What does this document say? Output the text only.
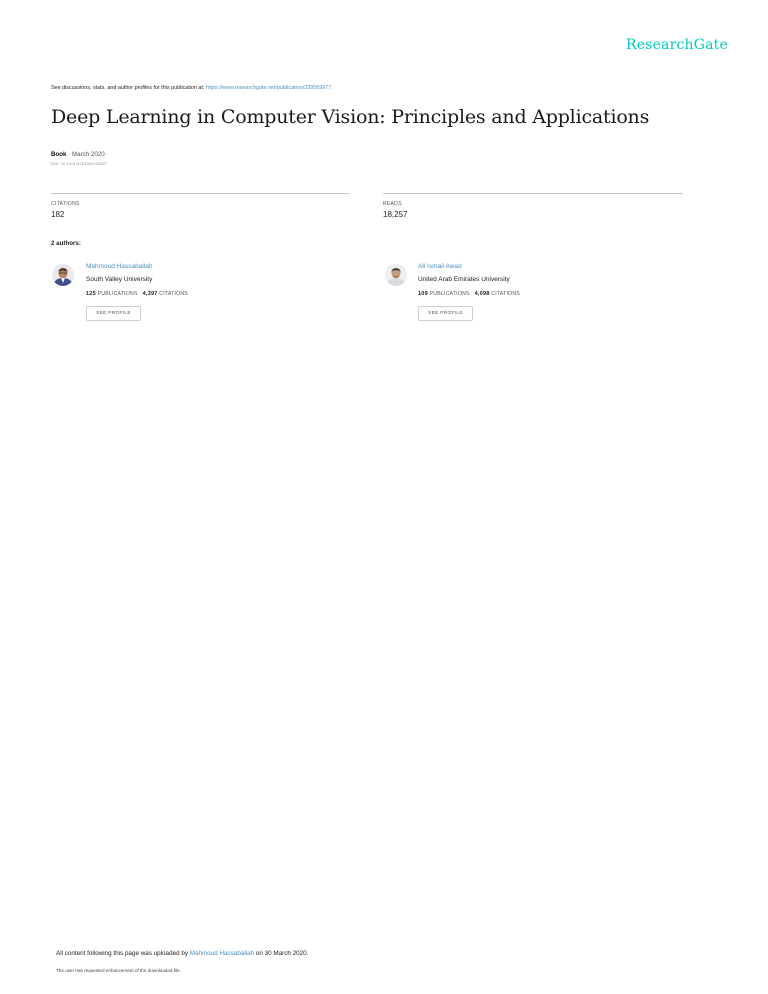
ResearchGate
See discussions, stats, and author profiles for this publication at: https://www.researchgate.net/publication/339569977
Deep Learning in Computer Vision: Principles and Applications
Book · March 2020
DOI: 10.1201/9781351003827
CITATIONS
182
READS
18,257
2 authors:
Mahmoud Hassaballah
South Valley University
125 PUBLICATIONS 4,397 CITATIONS
SEE PROFILE
Ali Ismail Awad
United Arab Emirates University
109 PUBLICATIONS 4,098 CITATIONS
SEE PROFILE
All content following this page was uploaded by Mahmoud Hassaballah on 30 March 2020.
The user has requested enhancement of the downloaded file.
